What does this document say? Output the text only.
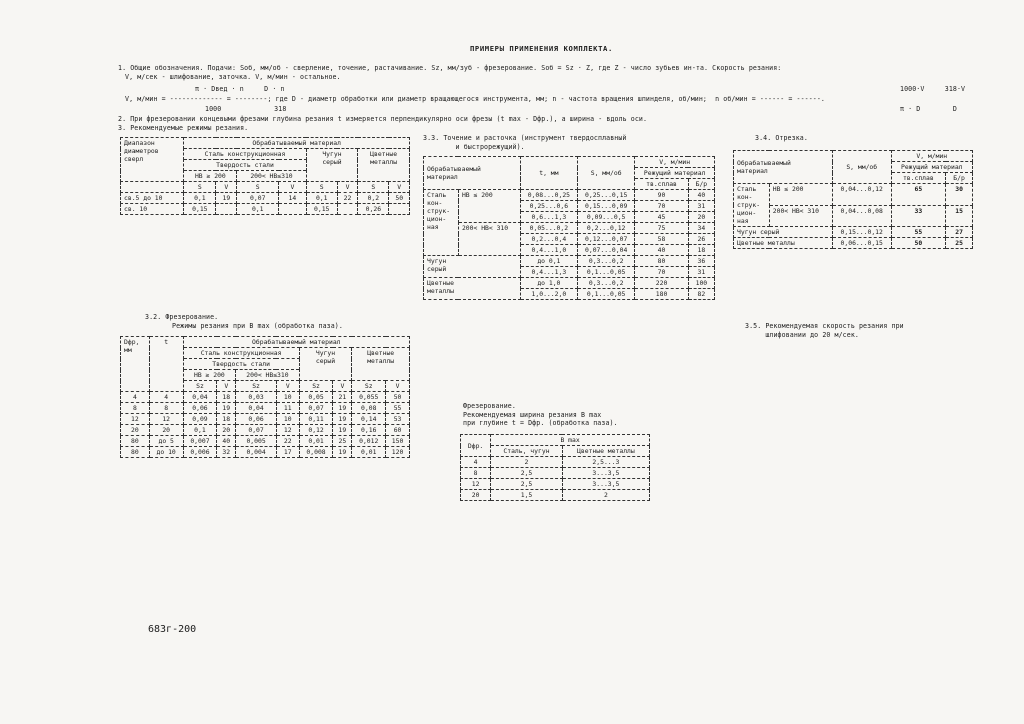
ПРИМЕРЫ ПРИМЕНЕНИЯ КОМПЛЕКТА.
1. Общие обозначения. Подачи: Sоб, мм/об - сверление, точение, растачивание. Sz, мм/зуб - фрезерование. Sоб = Sz · Z, где Z - число зубьев ин-та. Скорость резания:
V, м/сек - шлифование, заточка. V, м/мин - остальное.
π · Dвед · n     D · n
V, м/мин = ------------- = --------; где D - диаметр обработки или диаметр вращающегося инструмента, мм; n - частота вращения шпинделя, об/мин;  n об/мин = ------ = ------.
1000             318
1000·V     318·V
π · D        D
2. При фрезеровании концевыми фрезами глубина резания t измеряется перпендикулярно оси фрезы (t max - Dфр.), а ширина - вдоль оси.
3. Рекомендуемые режимы резания.
Диапазон
диаметров
сверл	Обрабатываемый материал							
	Сталь конструкционная				Чугун
серый		Цветные
металлы	
	Твердость стали							
	НВ ≥ 200		200< НВ≤310					
	S	V	S	V	S	V	S	V
св.5 до 10	0,1	19	0,07	14	0,1	22	0,2	50
св. 10	0,15		0,1		0,15		0,26	
3.2. Фрезерование.
Режимы резания при B max (обработка паза).
Dфр,
мм	t	Обрабатываемый материал							
		Сталь конструкционная				Чугун
серый		Цветные
металлы	
		Твердость стали							
		НВ ≥ 200		200< НВ≤310					
		Sz	V	Sz	V	Sz	V	Sz	V
4	4	0,04	18	0,03	10	0,05	21	0,055	50
8	8	0,06	19	0,04	11	0,07	19	0,08	55
12	12	0,09	18	0,06	10	0,11	19	0,14	53
20	20	0,1	20	0,07	12	0,12	19	0,16	60
80	до 5	0,007	40	0,005	22	0,01	25	0,012	150
80	до 10	0,006	32	0,004	17	0,008	19	0,01	120
3.3. Точение и расточка (инструмент твердосплавный
и быстрорежущий).
Обрабатываемый
материал		t, мм	S, мм/об	V, м/мин	
				Режущий материал	
				тв.сплав	Б/р
Сталь
кон-
струк-
цион-
ная	НВ ≤ 200	0,08...0,25	0,25...0,15	90	40
		0,25...0,6	0,15...0,09	70	31
		0,6...1,3	0,09...0,5	45	20
	200< НВ< 310	0,05...0,2	0,2...0,12	75	34
		0,2...0,4	0,12...0,07	58	26
		0,4...1,0	0,07...0,04	40	18
Чугун
серый		до 0,1	0,3...0,2	80	36
		0,4...1,3	0,1...0,05	70	31
Цветные
металлы		до 1,0	0,3...0,2	220	100
		1,0...2,0	0,1...0,05	180	82
3.4. Отрезка.
Обрабатываемый
материал		S, мм/об	V, м/мин	
			Режущий материал	
			тв.сплав	Б/р
Сталь
кон-
струк-
цион-
ная	НВ ≤ 200	0,04...0,12	65	30
	200< НВ< 310	0,04...0,08	33	15
Чугун серый		0,15...0,12	55	27
Цветные металлы		0,06...0,15	50	25
3.5. Рекомендуемая скорость резания при
шлифовании до 20 м/сек.
Фрезерование.
Рекомендуемая ширина резания B max
при глубине t = Dфр. (обработка паза).
Dфр.	B max	
	Сталь, чугун	Цветные металлы
4	2	2,5...3
8	2,5	3...3,5
12	2,5	3...3,5
20	1,5	2
683г-200
